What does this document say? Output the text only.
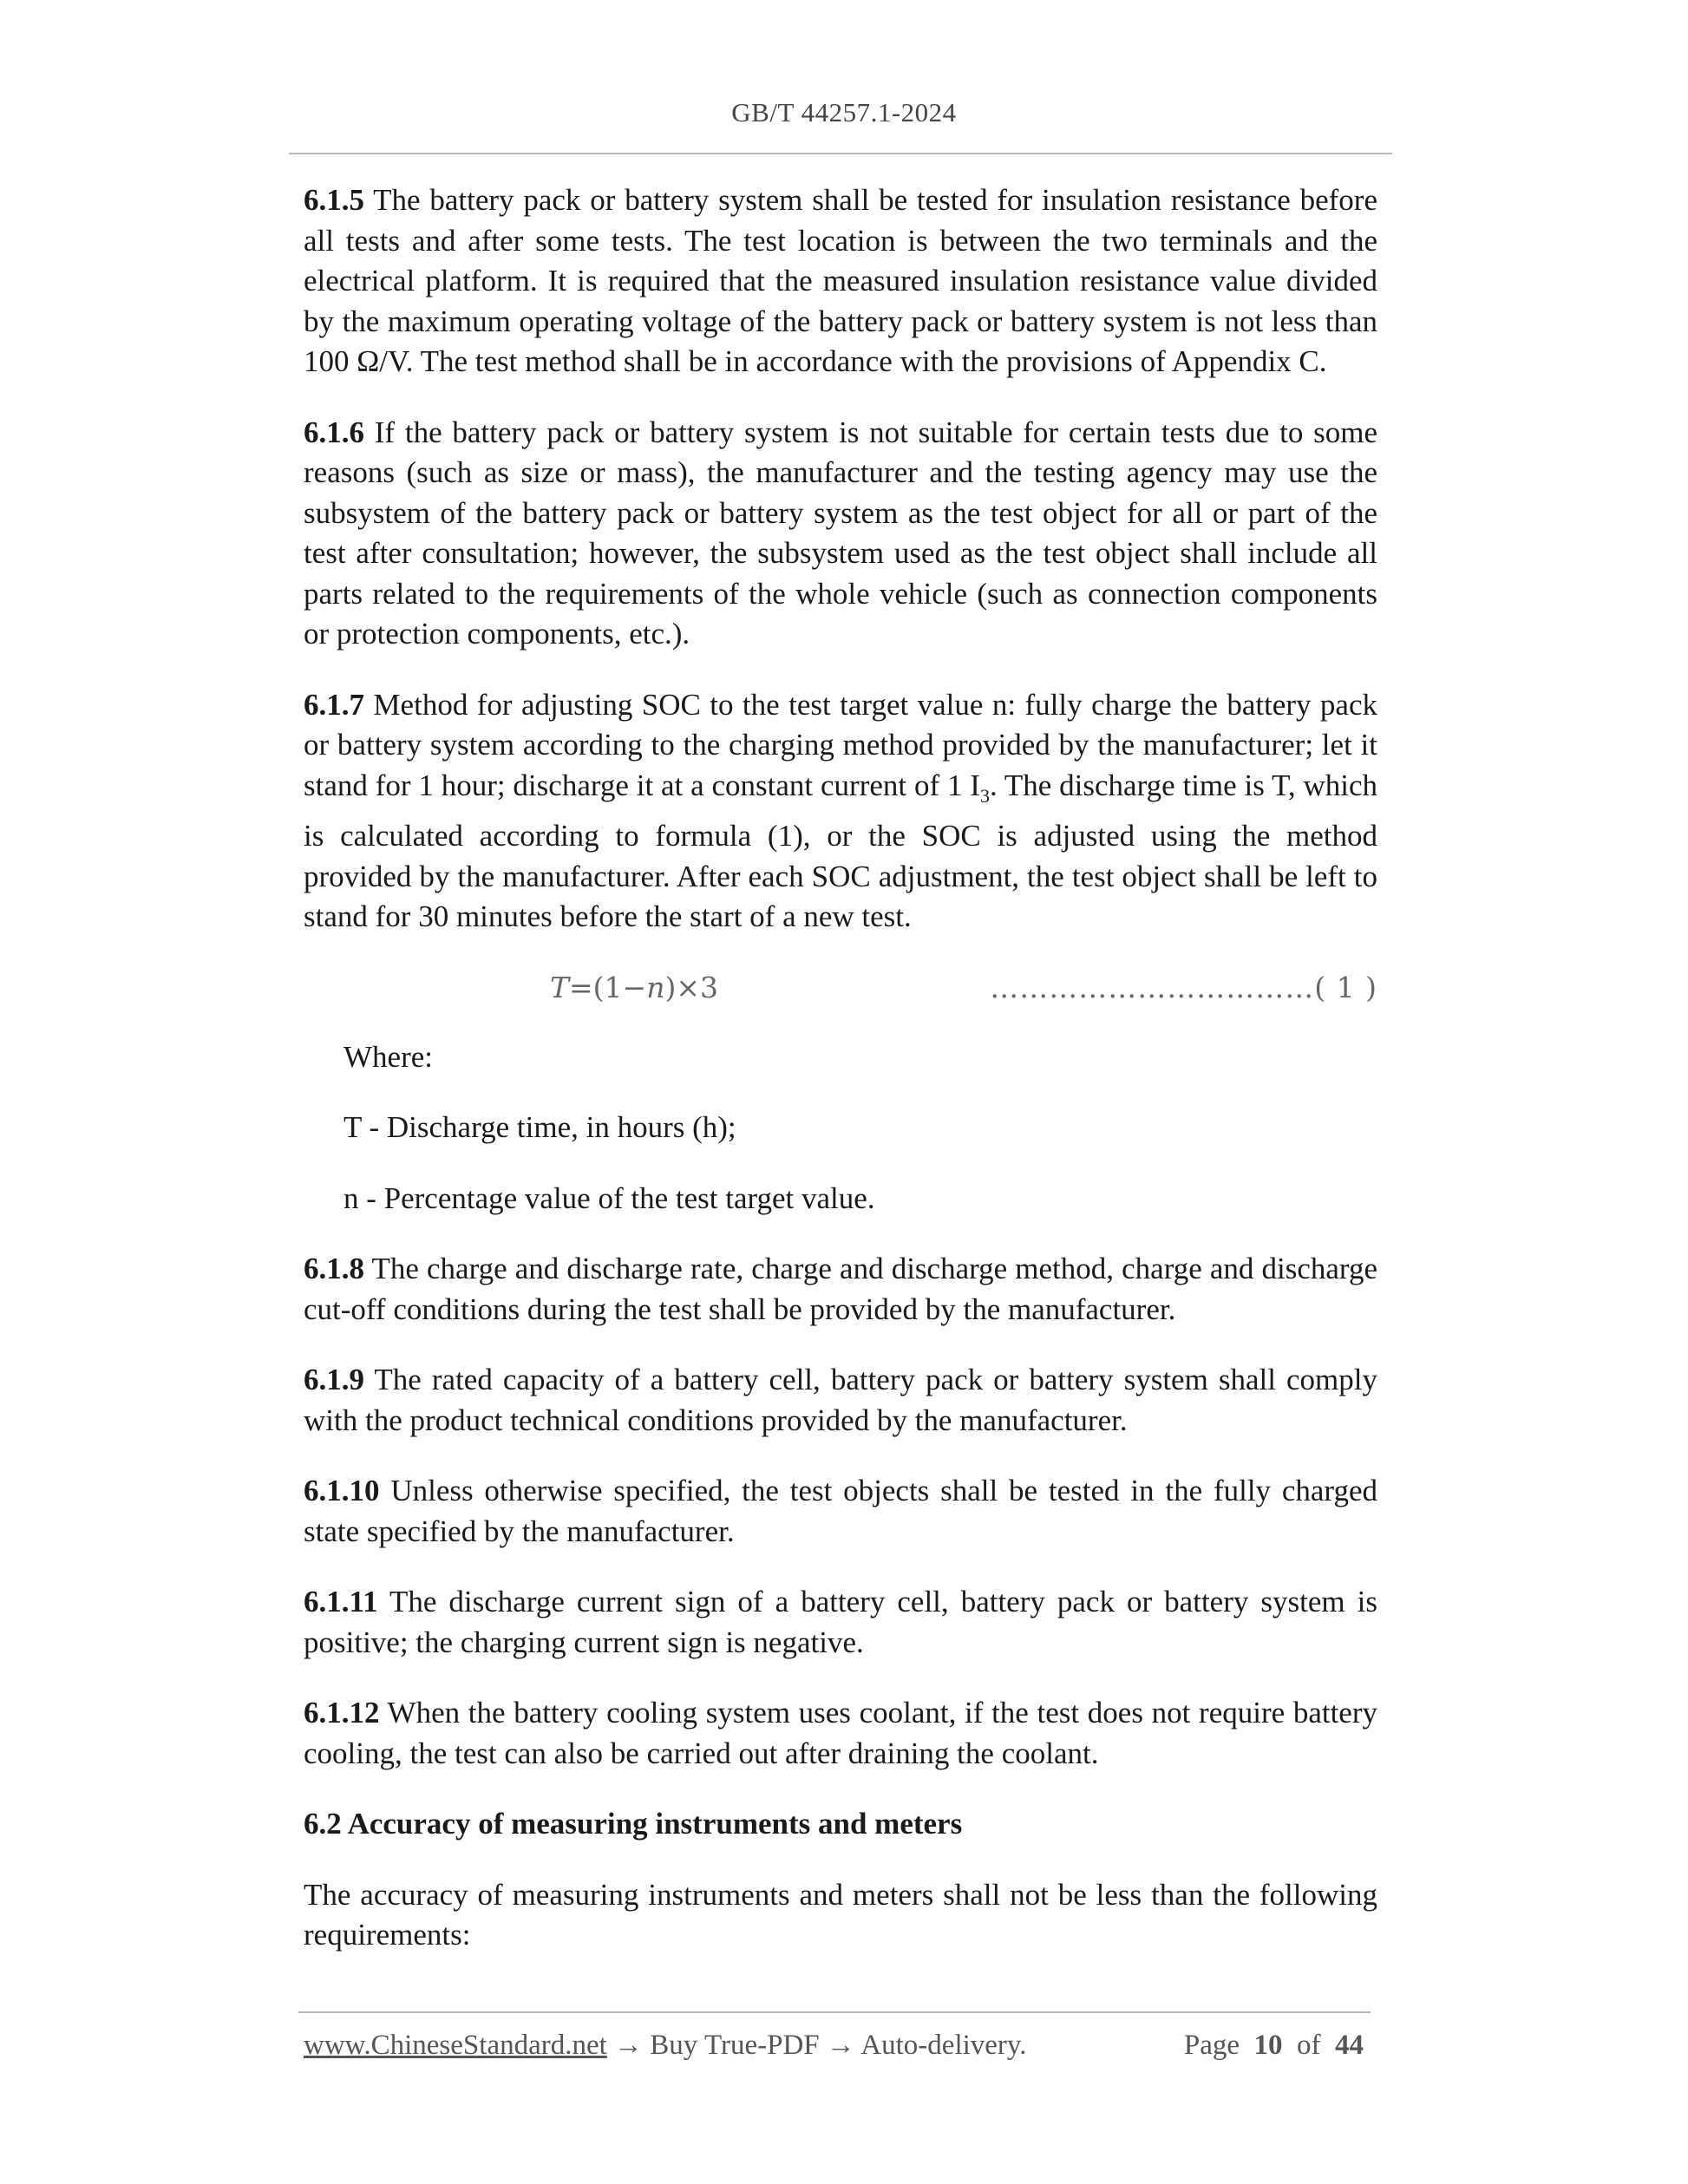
GB/T 44257.1-2024

6.1.5 The battery pack or battery system shall be tested for insulation resistance before all tests and after some tests. The test location is between the two terminals and the electrical platform. It is required that the measured insulation resistance value divided by the maximum operating voltage of the battery pack or battery system is not less than 100 Ω/V. The test method shall be in accordance with the provisions of Appendix C.

6.1.6 If the battery pack or battery system is not suitable for certain tests due to some reasons (such as size or mass), the manufacturer and the testing agency may use the subsystem of the battery pack or battery system as the test object for all or part of the test after consultation; however, the subsystem used as the test object shall include all parts related to the requirements of the whole vehicle (such as connection components or protection components, etc.).

6.1.7 Method for adjusting SOC to the test target value n: fully charge the battery pack or battery system according to the charging method provided by the manufacturer; let it stand for 1 hour; discharge it at a constant current of 1 $I_3$. The discharge time is T, which is calculated according to formula (1), or the SOC is adjusted using the method provided by the manufacturer. After each SOC adjustment, the test object shall be left to stand for 30 minutes before the start of a new test.

T=(1−n)×3	……………………………( 1 )

Where:

T - Discharge time, in hours (h);

n - Percentage value of the test target value.

6.1.8 The charge and discharge rate, charge and discharge method, charge and discharge cut-off conditions during the test shall be provided by the manufacturer.

6.1.9 The rated capacity of a battery cell, battery pack or battery system shall comply with the product technical conditions provided by the manufacturer.

6.1.10 Unless otherwise specified, the test objects shall be tested in the fully charged state specified by the manufacturer.

6.1.11 The discharge current sign of a battery cell, battery pack or battery system is positive; the charging current sign is negative.

6.1.12 When the battery cooling system uses coolant, if the test does not require battery cooling, the test can also be carried out after draining the coolant.

6.2 Accuracy of measuring instruments and meters

The accuracy of measuring instruments and meters shall not be less than the following requirements:

www.ChineseStandard.net → Buy True-PDF → Auto-delivery.	Page 10 of 44
